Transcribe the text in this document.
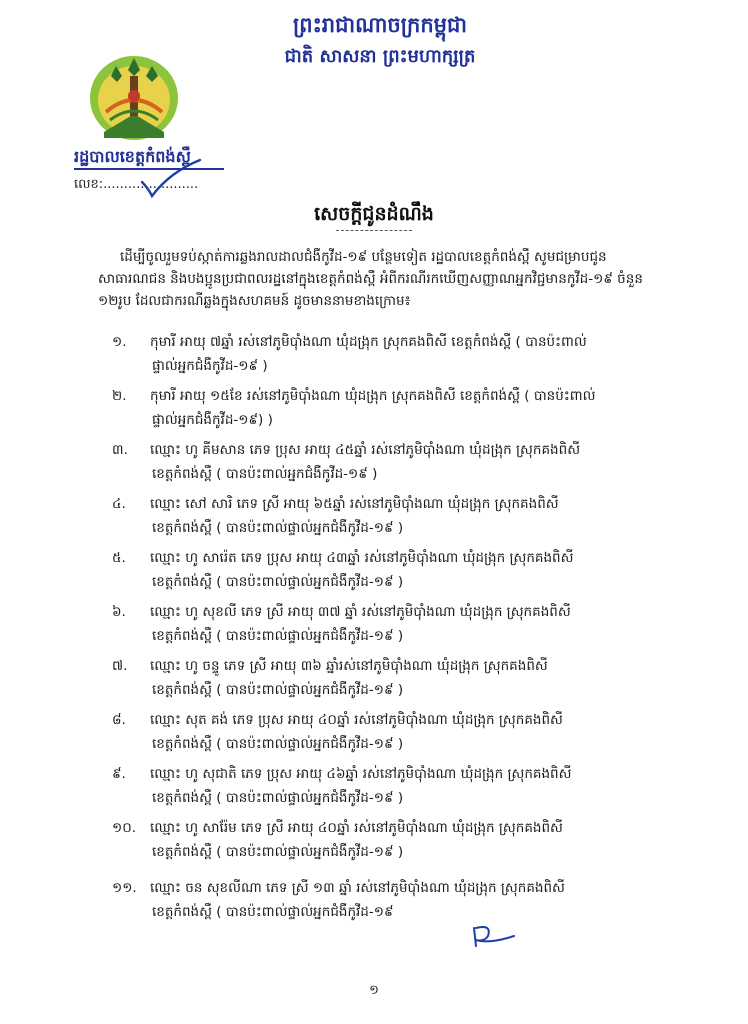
ព្រះរាជាណាចក្រកម្ពុជា
ជាតិ សាសនា ព្រះមហាក្សត្រ
រដ្ឋបាលខេត្តកំពង់ស្ពឺ
លេខ:.......................
សេចក្តីជូនដំណឹង
ដើម្បីចូលរួមទប់ស្កាត់ការឆ្លងរាលដាលជំងឺកូវីដ-១៩ បន្ថែមទៀត រដ្ឋបាលខេត្តកំពង់ស្ពឺ សូមជម្រាបជូន សាធារណជន និងបងប្អូនប្រជាពលរដ្ឋនៅក្នុងខេត្តកំពង់ស្ពឺ អំពីករណីរកឃើញសញ្ញាណអ្នកវិជ្ជមានកូវីដ-១៩ ចំនួន ១២រូប ដែលជាករណីឆ្លងក្នុងសហគមន៍ ដូចមាននាមខាងក្រោម៖
១. កុមារី អាយុ ៧ឆ្នាំ រស់នៅភូមិប៉ាំងណា ឃុំដង្រុក ស្រុកគងពិសី ខេត្តកំពង់ស្ពឺ ( បានប៉ះពាល់
ផ្ទាល់អ្នកជំងឺកូវីដ-១៩ )
២. កុមារី អាយុ ១៥ខែ រស់នៅភូមិប៉ាំងណា ឃុំដង្រុក ស្រុកគងពិសី ខេត្តកំពង់ស្ពឺ ( បានប៉ះពាល់
ផ្ទាល់អ្នកជំងឺកូវីដ-១៩) )
៣. ឈ្មោះ ហូ គីមសាន ភេទ ប្រុស អាយុ ៤៥ឆ្នាំ រស់នៅភូមិប៉ាំងណា ឃុំដង្រុក ស្រុកគងពិសី
ខេត្តកំពង់ស្ពឺ ( បានប៉ះពាល់អ្នកជំងឺកូវីដ-១៩ )
៤. ឈ្មោះ សៅ សារិ ភេទ ស្រី អាយុ ៦៥ឆ្នាំ រស់នៅភូមិប៉ាំងណា ឃុំដង្រុក ស្រុកគងពិសី
ខេត្តកំពង់ស្ពឺ ( បានប៉ះពាល់ផ្ទាល់អ្នកជំងឺកូវីដ-១៩ )
៥. ឈ្មោះ ហូ សារ៉េត ភេទ ប្រុស អាយុ ៤៣ឆ្នាំ រស់នៅភូមិប៉ាំងណា ឃុំដង្រុក ស្រុកគងពិសី
ខេត្តកំពង់ស្ពឺ ( បានប៉ះពាល់ផ្ទាល់អ្នកជំងឺកូវីដ-១៩ )
៦. ឈ្មោះ ហូ សុខលី ភេទ ស្រី អាយុ ៣៧ ឆ្នាំ រស់នៅភូមិប៉ាំងណា ឃុំដង្រុក ស្រុកគងពិសី
ខេត្តកំពង់ស្ពឺ ( បានប៉ះពាល់ផ្ទាល់អ្នកជំងឺកូវីដ-១៩ )
៧. ឈ្មោះ ហូ ចន្ទូ ភេទ ស្រី អាយុ ៣៦ ឆ្នាំរស់នៅភូមិប៉ាំងណា ឃុំដង្រុក ស្រុកគងពិសី
ខេត្តកំពង់ស្ពឺ ( បានប៉ះពាល់ផ្ទាល់អ្នកជំងឺកូវីដ-១៩ )
៨. ឈ្មោះ សុត គង់ ភេទ ប្រុស អាយុ ៤០ឆ្នាំ រស់នៅភូមិប៉ាំងណា ឃុំដង្រុក ស្រុកគងពិសី
ខេត្តកំពង់ស្ពឺ ( បានប៉ះពាល់ផ្ទាល់អ្នកជំងឺកូវីដ-១៩ )
៩. ឈ្មោះ ហូ សុជាតិ ភេទ ប្រុស អាយុ ៤៦ឆ្នាំ រស់នៅភូមិប៉ាំងណា ឃុំដង្រុក ស្រុកគងពិសី
ខេត្តកំពង់ស្ពឺ ( បានប៉ះពាល់ផ្ទាល់អ្នកជំងឺកូវីដ-១៩ )
១០. ឈ្មោះ ហូ សារ៉ែម ភេទ ស្រី អាយុ ៤០ឆ្នាំ រស់នៅភូមិប៉ាំងណា ឃុំដង្រុក ស្រុកគងពិសី
ខេត្តកំពង់ស្ពឺ ( បានប៉ះពាល់ផ្ទាល់អ្នកជំងឺកូវីដ-១៩ )
១១. ឈ្មោះ ចន សុខលីណា ភេទ ស្រី ១៣ ឆ្នាំ រស់នៅភូមិប៉ាំងណា ឃុំដង្រុក ស្រុកគងពិសី
ខេត្តកំពង់ស្ពឺ ( បានប៉ះពាល់ផ្ទាល់អ្នកជំងឺកូវីដ-១៩
១
